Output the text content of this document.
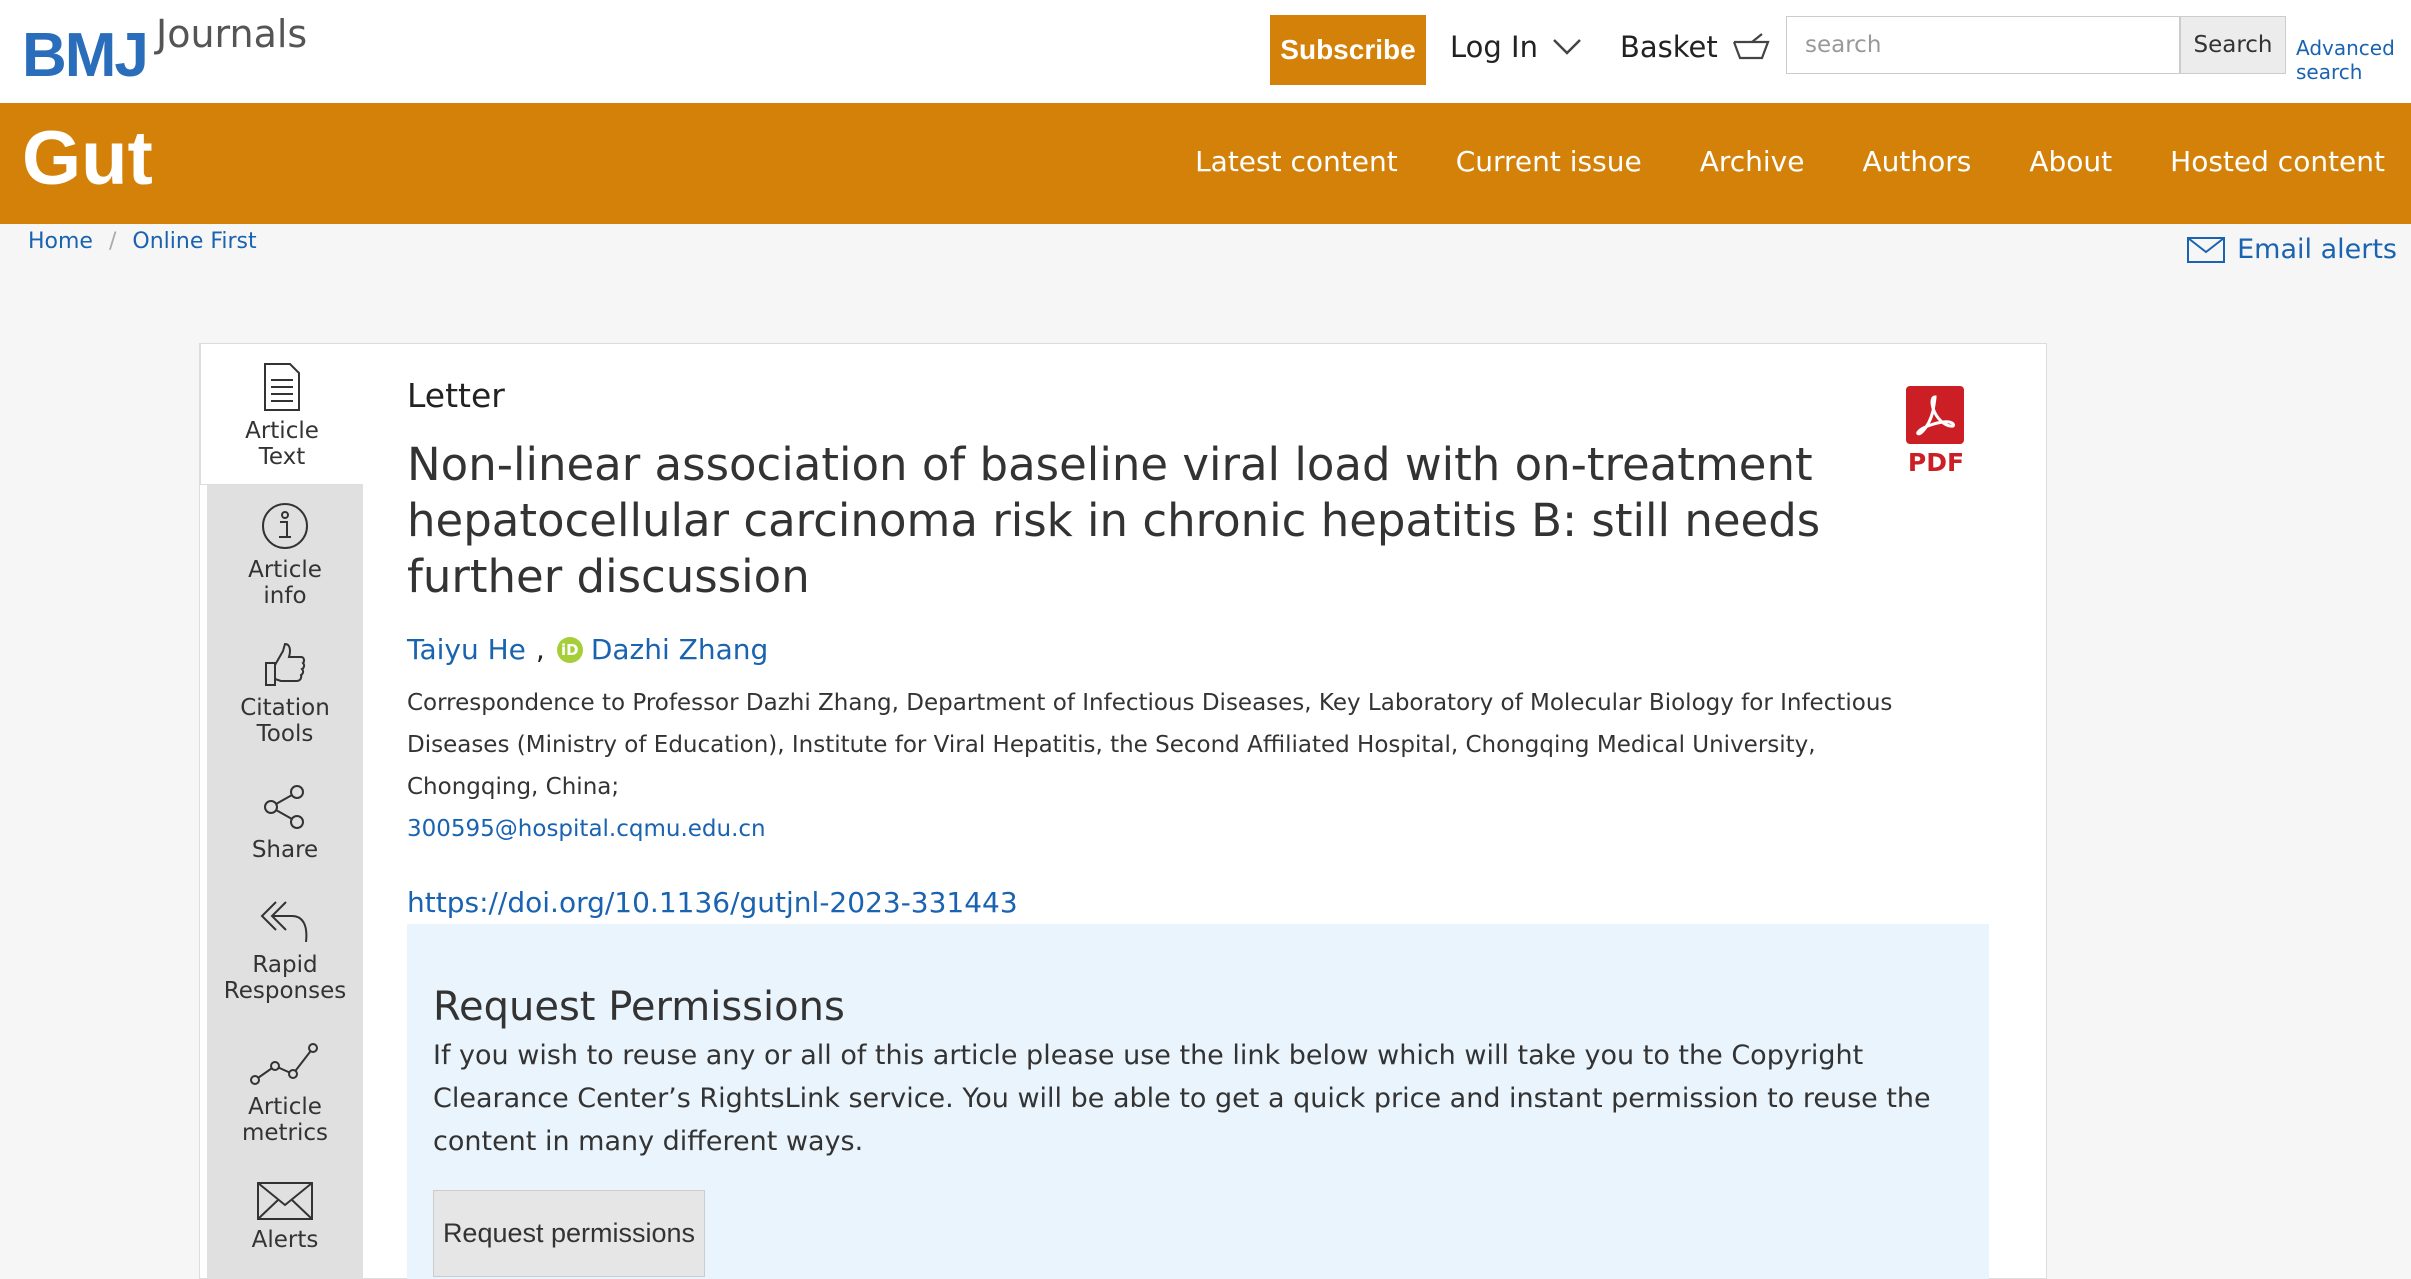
BMJ Journals	Subscribe	Log In	Basket	search	Search	Advanced
search
Gut	Latest content Current issue Archive Authors About Hosted content
Home / Online First	Email alerts
Article
Text
Article
info
Citation
Tools
Share
Rapid
Responses
Article
metrics
Alerts
Letter
Non-linear association of baseline viral load with on-treatment hepatocellular carcinoma risk in chronic hepatitis B: still needs further discussion
Taiyu He , iD Dazhi Zhang
Correspondence to Professor Dazhi Zhang, Department of Infectious Diseases, Key Laboratory of Molecular Biology for Infectious Diseases (Ministry of Education), Institute for Viral Hepatitis, the Second Affiliated Hospital, Chongqing Medical University, Chongqing, China;
300595@hospital.cqmu.edu.cn
https://doi.org/10.1136/gutjnl-2023-331443
PDF
Request Permissions
If you wish to reuse any or all of this article please use the link below which will take you to the Copyright Clearance Center’s RightsLink service. You will be able to get a quick price and instant permission to reuse the content in many different ways.
Request permissions
